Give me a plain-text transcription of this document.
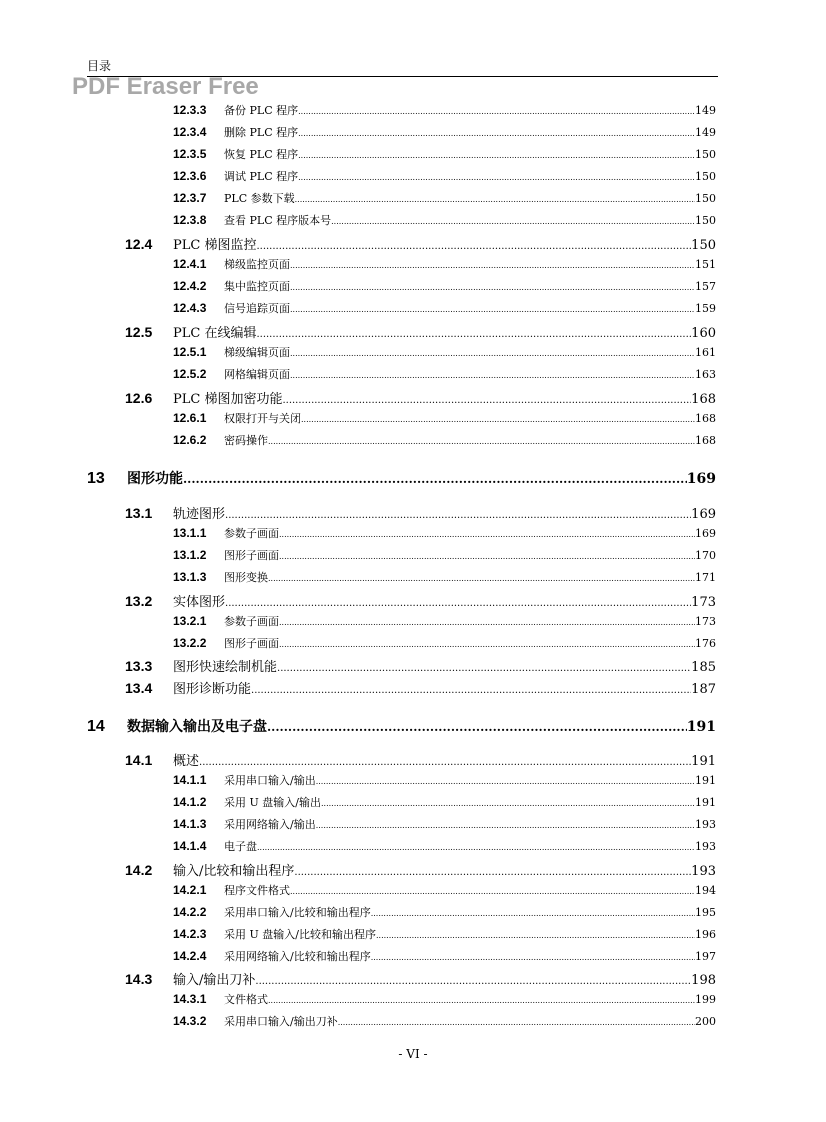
目录
PDF Eraser Free
12.3.3	备份 PLC 程序 .....	149
12.3.4	删除 PLC 程序 .....	149
12.3.5	恢复 PLC 程序 .....	150
12.3.6	调试 PLC 程序 .....	150
12.3.7	PLC 参数下载 .....	150
12.3.8	查看 PLC 程序版本号 .....	150
12.4	PLC 梯图监控 .....	150
12.4.1	梯级监控页面 .....	151
12.4.2	集中监控页面 .....	157
12.4.3	信号追踪页面 .....	159
12.5	PLC 在线编辑 .....	160
12.5.1	梯级编辑页面 .....	161
12.5.2	网格编辑页面 .....	163
12.6	PLC 梯图加密功能 .....	168
12.6.1	权限打开与关闭 .....	168
12.6.2	密码操作 .....	168
13	图形功能 .....	169
13.1	轨迹图形 .....	169
13.1.1	参数子画面 .....	169
13.1.2	图形子画面 .....	170
13.1.3	图形变换 .....	171
13.2	实体图形 .....	173
13.2.1	参数子画面 .....	173
13.2.2	图形子画面 .....	176
13.3	图形快速绘制机能 .....	185
13.4	图形诊断功能 .....	187
14	数据输入输出及电子盘 .....	191
14.1	概述 .....	191
14.1.1	采用串口输入/输出 .....	191
14.1.2	采用 U 盘输入/输出 .....	191
14.1.3	采用网络输入/输出 .....	193
14.1.4	电子盘 .....	193
14.2	输入/比较和输出程序 .....	193
14.2.1	程序文件格式 .....	194
14.2.2	采用串口输入/比较和输出程序 .....	195
14.2.3	采用 U 盘输入/比较和输出程序 .....	196
14.2.4	采用网络输入/比较和输出程序 .....	197
14.3	输入/输出刀补 .....	198
14.3.1	文件格式 .....	199
14.3.2	采用串口输入/输出刀补 .....	200
- VI -
